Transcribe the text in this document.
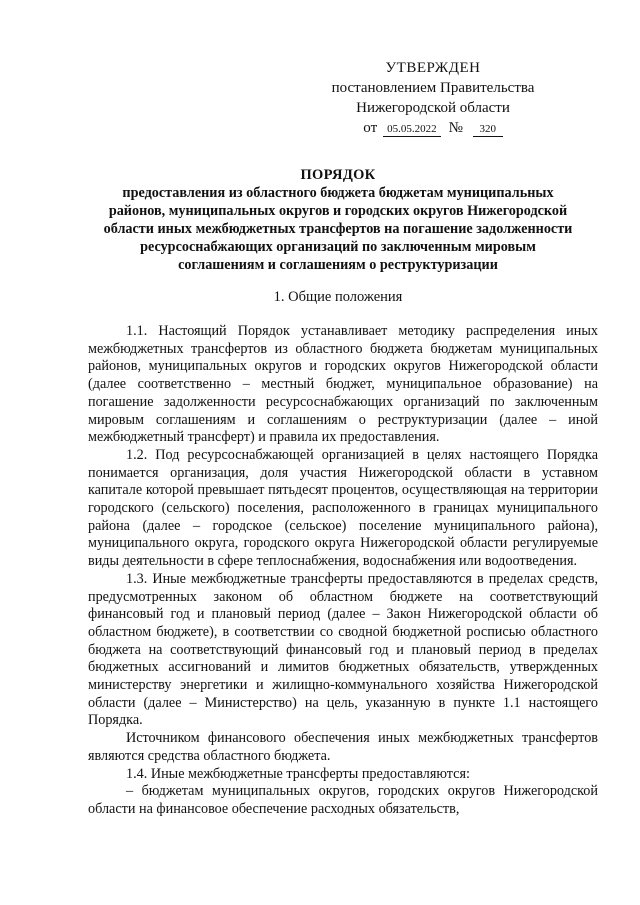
УТВЕРЖДЕН
постановлением Правительства
Нижегородской области
от 05.05.2022 № 320
ПОРЯДОК
предоставления из областного бюджета бюджетам муниципальных
районов, муниципальных округов и городских округов Нижегородской
области иных межбюджетных трансфертов на погашение задолженности
ресурсоснабжающих организаций по заключенным мировым
соглашениям и соглашениям о реструктуризации
1. Общие положения

1.1. Настоящий Порядок устанавливает методику распределения иных межбюджетных трансфертов из областного бюджета бюджетам муниципальных районов, муниципальных округов и городских округов Нижегородской области (далее соответственно – местный бюджет, муниципальное образование) на погашение задолженности ресурсоснабжающих организаций по заключенным мировым соглашениям и соглашениям о реструктуризации (далее – иной межбюджетный трансферт) и правила их предоставления.

1.2. Под ресурсоснабжающей организацией в целях настоящего Порядка понимается организация, доля участия Нижегородской области в уставном капитале которой превышает пятьдесят процентов, осуществляющая на территории городского (сельского) поселения, расположенного в границах муниципального района (далее – городское (сельское) поселение муниципального района), муниципального округа, городского округа Нижегородской области регулируемые виды деятельности в сфере теплоснабжения, водоснабжения или водоотведения.

1.3. Иные межбюджетные трансферты предоставляются в пределах средств, предусмотренных законом об областном бюджете на соответствующий финансовый год и плановый период (далее – Закон Нижегородской области об областном бюджете), в соответствии со сводной бюджетной росписью областного бюджета на соответствующий финансовый год и плановый период в пределах бюджетных ассигнований и лимитов бюджетных обязательств, утвержденных министерству энергетики и жилищно-коммунального хозяйства Нижегородской области (далее – Министерство) на цель, указанную в пункте 1.1 настоящего Порядка.

Источником финансового обеспечения иных межбюджетных трансфертов являются средства областного бюджета.

1.4. Иные межбюджетные трансферты предоставляются:

– бюджетам муниципальных округов, городских округов Нижегородской области на финансовое обеспечение расходных обязательств,
